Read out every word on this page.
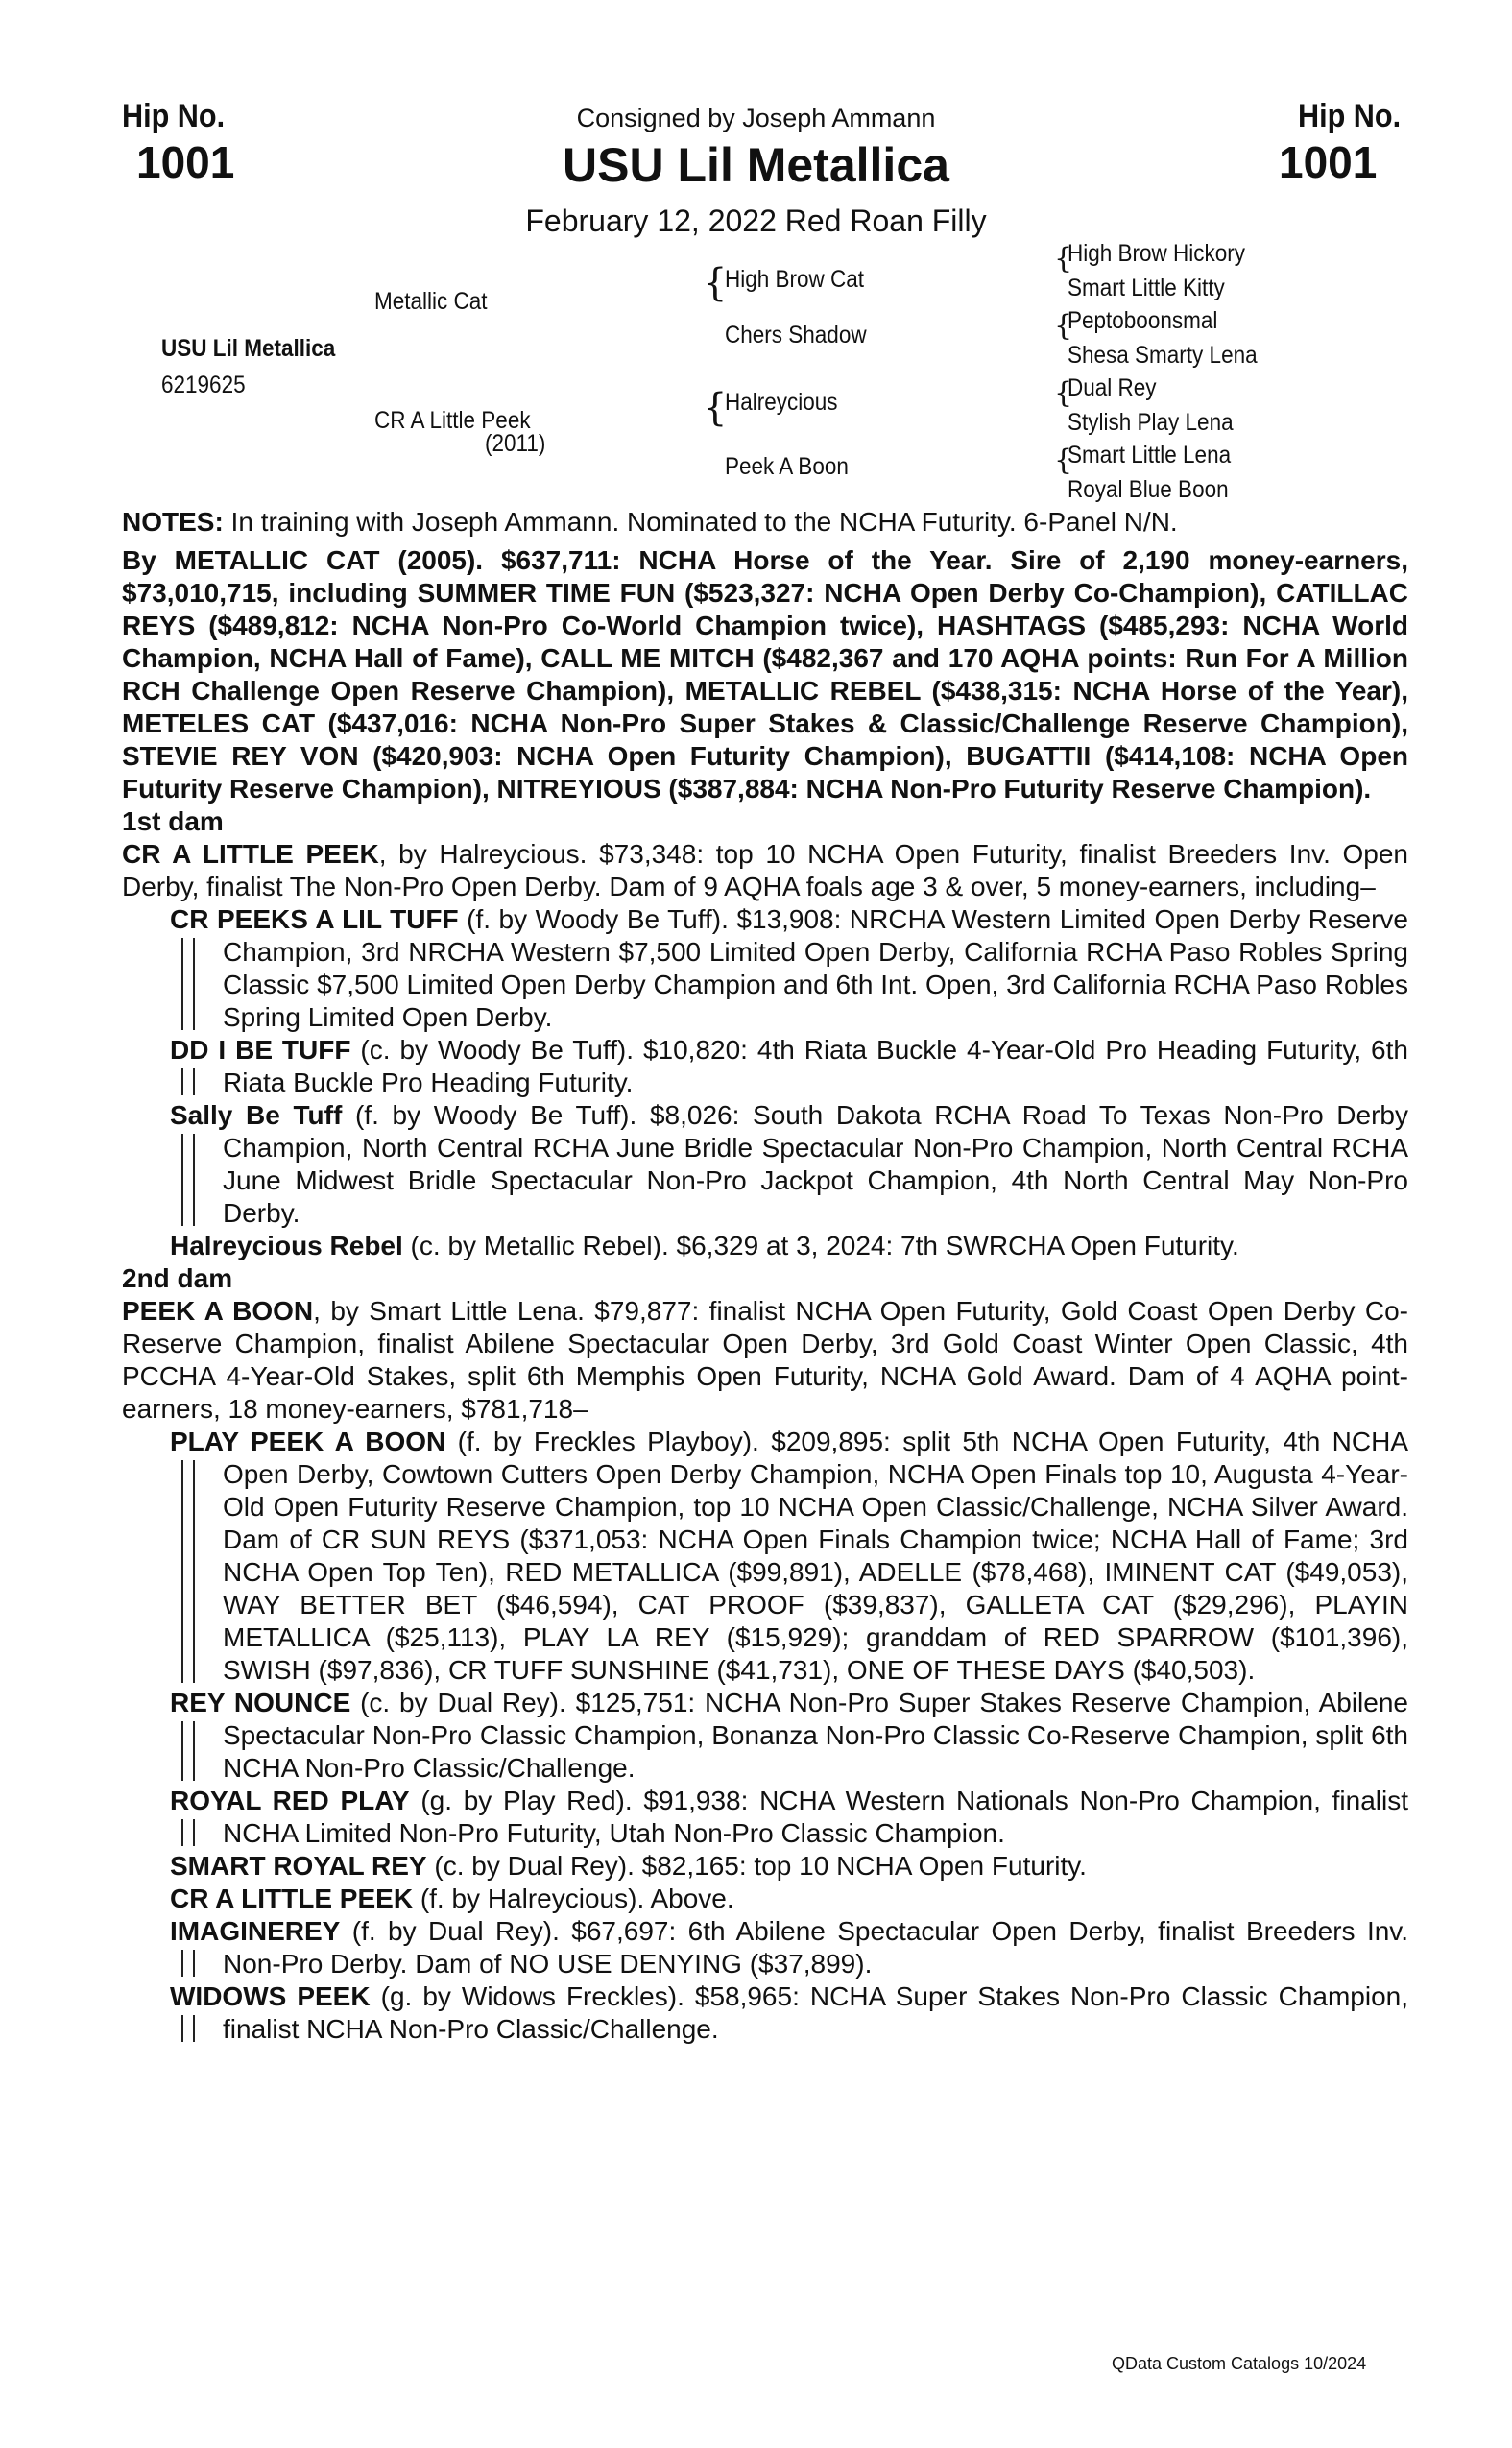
Hip No.
1001
Hip No.
1001
Consigned by Joseph Ammann
USU Lil Metallica
February 12, 2022 Red Roan Filly
USU Lil Metallica
6219625
Metallic Cat
CR A Little Peek
(2011)
{
High Brow Cat
Chers Shadow
{
Halreycious
Peek A Boon
{
High Brow Hickory
Smart Little Kitty
{
Peptoboonsmal
Shesa Smarty Lena
{
Dual Rey
Stylish Play Lena
{
Smart Little Lena
Royal Blue Boon
NOTES: In training with Joseph Ammann. Nominated to the NCHA Futurity. 6-Panel N/N.
By METALLIC CAT (2005). $637,711: NCHA Horse of the Year. Sire of 2,190 money-earners, $73,010,715, including SUMMER TIME FUN ($523,327: NCHA Open Derby Co-Champion), CATILLAC REYS ($489,812: NCHA Non-Pro Co-World Champion twice), HASHTAGS ($485,293: NCHA World Champion, NCHA Hall of Fame), CALL ME MITCH ($482,367 and 170 AQHA points: Run For A Million RCH Challenge Open Reserve Champion), METALLIC REBEL ($438,315: NCHA Horse of the Year), METELES CAT ($437,016: NCHA Non-Pro Super Stakes & Classic/Challenge Reserve Champion), STEVIE REY VON ($420,903: NCHA Open Futurity Champion), BUGATTII ($414,108: NCHA Open Futurity Reserve Champion), NITREYIOUS ($387,884: NCHA Non-Pro Futurity Reserve Champion).
1st dam
CR A LITTLE PEEK, by Halreycious. $73,348: top 10 NCHA Open Futurity, finalist Breeders Inv. Open Derby, finalist The Non-Pro Open Derby. Dam of 9 AQHA foals age 3 & over, 5 money-earners, including–
CR PEEKS A LIL TUFF (f. by Woody Be Tuff). $13,908: NRCHA Western Limited Open Derby Reserve Champion, 3rd NRCHA Western $7,500 Limited Open Derby, California RCHA Paso Robles Spring Classic $7,500 Limited Open Derby Champion and 6th Int. Open, 3rd California RCHA Paso Robles Spring Limited Open Derby.
DD I BE TUFF (c. by Woody Be Tuff). $10,820: 4th Riata Buckle 4-Year-Old Pro Heading Futurity, 6th Riata Buckle Pro Heading Futurity.
Sally Be Tuff (f. by Woody Be Tuff). $8,026: South Dakota RCHA Road To Texas Non-Pro Derby Champion, North Central RCHA June Bridle Spectacular Non-Pro Champion, North Central RCHA June Midwest Bridle Spectacular Non-Pro Jackpot Champion, 4th North Central May Non-Pro Derby.
Halreycious Rebel (c. by Metallic Rebel). $6,329 at 3, 2024: 7th SWRCHA Open Futurity.
2nd dam
PEEK A BOON, by Smart Little Lena. $79,877: finalist NCHA Open Futurity, Gold Coast Open Derby Co-Reserve Champion, finalist Abilene Spectacular Open Derby, 3rd Gold Coast Winter Open Classic, 4th PCCHA 4-Year-Old Stakes, split 6th Memphis Open Futurity, NCHA Gold Award. Dam of 4 AQHA point-earners, 18 money-earners, $781,718–
PLAY PEEK A BOON (f. by Freckles Playboy). $209,895: split 5th NCHA Open Futurity, 4th NCHA Open Derby, Cowtown Cutters Open Derby Champion, NCHA Open Finals top 10, Augusta 4-Year-Old Open Futurity Reserve Champion, top 10 NCHA Open Classic/Challenge, NCHA Silver Award. Dam of CR SUN REYS ($371,053: NCHA Open Finals Champion twice; NCHA Hall of Fame; 3rd NCHA Open Top Ten), RED METALLICA ($99,891), ADELLE ($78,468), IMINENT CAT ($49,053), WAY BETTER BET ($46,594), CAT PROOF ($39,837), GALLETA CAT ($29,296), PLAYIN METALLICA ($25,113), PLAY LA REY ($15,929); granddam of RED SPARROW ($101,396), SWISH ($97,836), CR TUFF SUNSHINE ($41,731), ONE OF THESE DAYS ($40,503).
REY NOUNCE (c. by Dual Rey). $125,751: NCHA Non-Pro Super Stakes Reserve Champion, Abilene Spectacular Non-Pro Classic Champion, Bonanza Non-Pro Classic Co-Reserve Champion, split 6th NCHA Non-Pro Classic/Challenge.
ROYAL RED PLAY (g. by Play Red). $91,938: NCHA Western Nationals Non-Pro Champion, finalist NCHA Limited Non-Pro Futurity, Utah Non-Pro Classic Champion.
SMART ROYAL REY (c. by Dual Rey). $82,165: top 10 NCHA Open Futurity.
CR A LITTLE PEEK (f. by Halreycious). Above.
IMAGINEREY (f. by Dual Rey). $67,697: 6th Abilene Spectacular Open Derby, finalist Breeders Inv. Non-Pro Derby. Dam of NO USE DENYING ($37,899).
WIDOWS PEEK (g. by Widows Freckles). $58,965: NCHA Super Stakes Non-Pro Classic Champion, finalist NCHA Non-Pro Classic/Challenge.
QData Custom Catalogs 10/2024
